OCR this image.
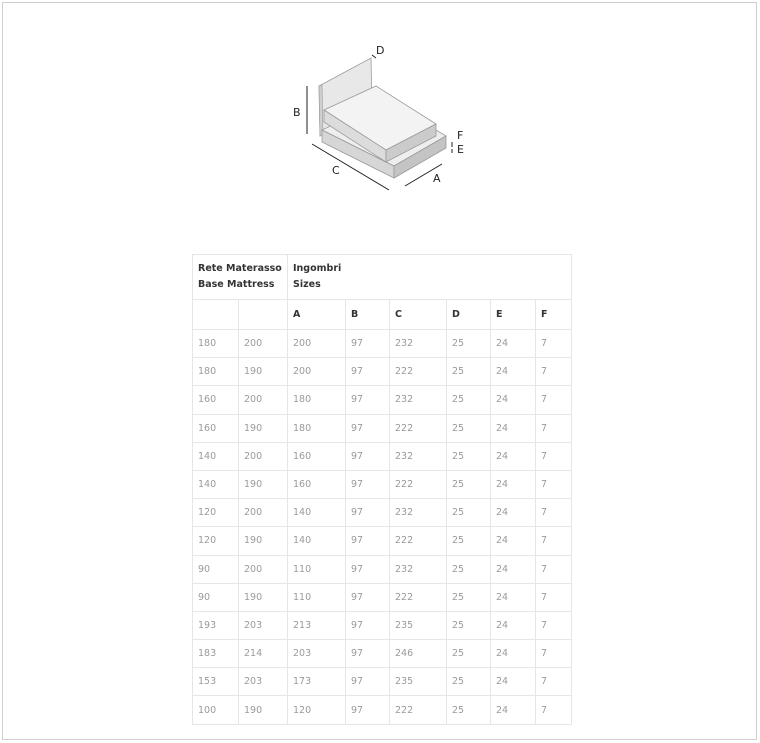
B
C
A
D
F
E
Rete Materasso
Base Mattress		Ingombri
Sizes					

		A	B	C	D	E	F
180	200	200	97	232	25	24	7
180	190	200	97	222	25	24	7
160	200	180	97	232	25	24	7
160	190	180	97	222	25	24	7
140	200	160	97	232	25	24	7
140	190	160	97	222	25	24	7
120	200	140	97	232	25	24	7
120	190	140	97	222	25	24	7
90	200	110	97	232	25	24	7
90	190	110	97	222	25	24	7
193	203	213	97	235	25	24	7
183	214	203	97	246	25	24	7
153	203	173	97	235	25	24	7
100	190	120	97	222	25	24	7
